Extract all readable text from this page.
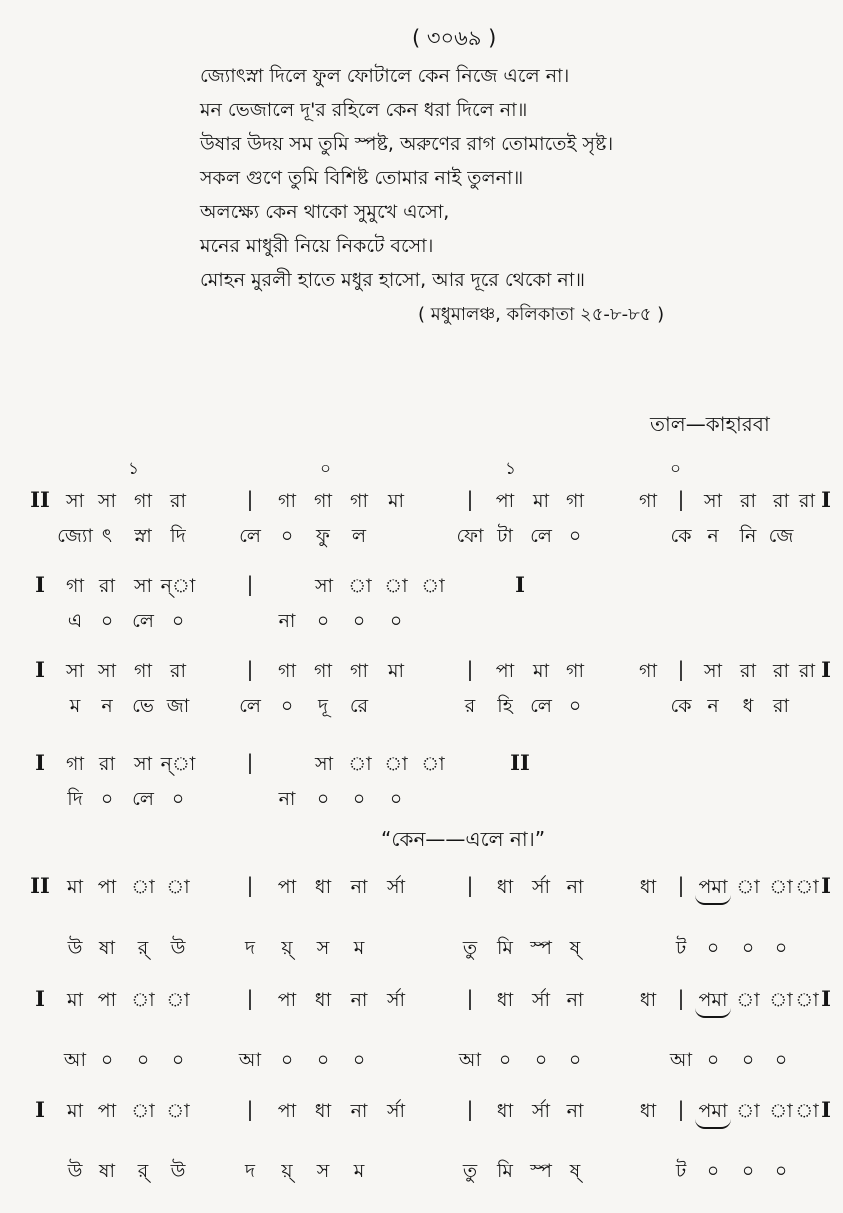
( ৩০৬৯ )
জ্যোৎস্না দিলে ফুল ফোটালে কেন নিজে এলে না।
মন ভেজালে দূ'র রহিলে কেন ধরা দিলে না॥
উষার উদয় সম তুমি স্পষ্ট, অরুণের রাগ তোমাতেই সৃষ্ট।
সকল গুণে তুমি বিশিষ্ট তোমার নাই তুলনা॥
অলক্ষ্যে কেন থাকো সুমুখে এসো,
মনের মাধুরী নিয়ে নিকটে বসো।
মোহন মুরলী হাতে মধুর হাসো, আর দূরে থেকো না॥
( মধুমালঞ্চ, কলিকাতা ২৫-৮-৮৫ )
তাল—কাহারবা
১	০	১	০
“কেন——এলে না।”
II সা সা গা রা	| গা গা গা মা	| পা মা গা	গা | সা রা রা রা I
জ্যো ৎ স্না দি	লে ০ ফু ল	ফো টা লে ০	কে ন নি জে
I গা রা সা ন্া	|	সা া া া	I
এ ০ লে ০	না ০ ০ ০
I সা সা গা রা	| গা গা গা মা	| পা মা গা	গা | সা রা রা রা I
ম ন ভে জা	লে ০ দূ রে	র হি লে ০	কে ন ধ রা
I গা রা সা ন্া	|	সা া া া	II
দি ০ লে ০	না ০ ০ ০
II মা পা া া	| পা ধা না র্সা	| ধা র্সা না	ধা | পমা া া া I
উ ষা র্ উ	দ য়্ স ম	তু মি স্প ষ্	ট ০ ০ ০
I মা পা া া	| পা ধা না র্সা	| ধা র্সা না	ধা | পমা া া া I
আ ০ ০ ০	আ ০ ০ ০	আ ০ ০ ০	আ ০ ০ ০
I মা পা া া	| পা ধা না র্সা	| ধা র্সা না	ধা | পমা া া া I
উ ষা র্ উ	দ য়্ স ম	তু মি স্প ষ্	ট ০ ০ ০
